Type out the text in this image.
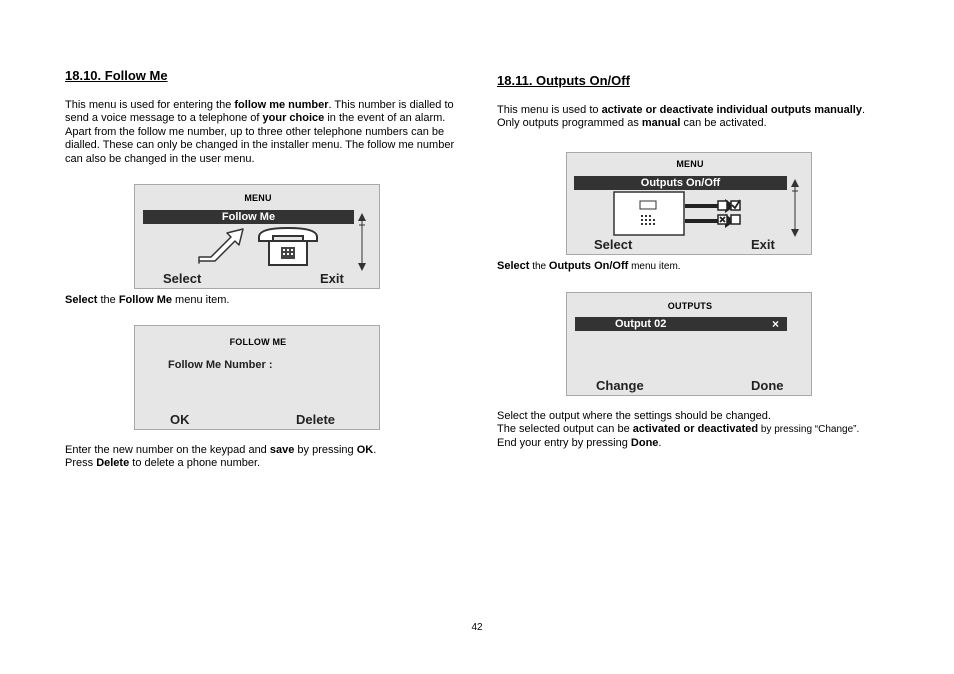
18.10. Follow Me
This menu is used for entering the follow me number. This number is dialled to send a voice message to a telephone of your choice in the event of an alarm. Apart from the follow me number, up to three other telephone numbers can be dialled. These can only be changed in the installer menu. The follow me number can also be changed in the user menu.
MENU
Follow Me
Select	Exit
Select the Follow Me menu item.
FOLLOW ME
Follow Me Number :
OK	Delete
Enter the new number on the keypad and save by pressing OK.
Press Delete to delete a phone number.
18.11. Outputs On/Off
This menu is used to activate or deactivate individual outputs manually.
Only outputs programmed as manual can be activated.
MENU
Outputs On/Off
Select	Exit
Select the Outputs On/Off menu item.
OUTPUTS
Output 02	×
Change	Done
Select the output where the settings should be changed.
The selected output can be activated or deactivated by pressing “Change”.
End your entry by pressing Done.
42
